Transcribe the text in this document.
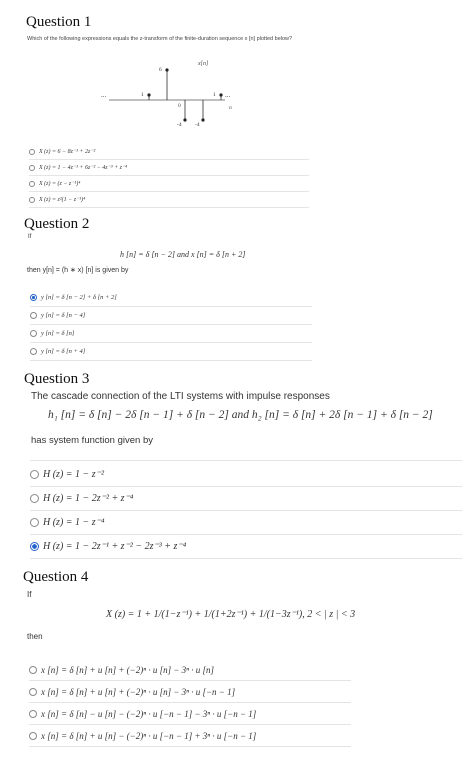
Question 1
Which of the following expressions equals the z-transform of the finite-duration sequence x [n] plotted below?
x[n]
1
6
-4 -4
1
...	...
0	n
X (z) = 6 − 8z⁻¹ + 2z⁻²
X (z) = 1 − 4z⁻¹ + 6z⁻² − 4z⁻³ + z⁻⁴
X (z) = (z − z⁻¹)⁴
X (z) = z²(1 − z⁻¹)⁴
Question 2
If
h [n] = δ [n − 2] and x [n] = δ [n + 2]
then y[n] = (h ∗ x) [n] is given by
y [n] = δ [n − 2] + δ [n + 2]
y [n] = δ [n − 4]
y [n] = δ [n]
y [n] = δ [n + 4]
Question 3
The cascade connection of the LTI systems with impulse responses
h₁ [n] = δ [n] − 2δ [n − 1] + δ [n − 2] and h₂ [n] = δ [n] + 2δ [n − 1] + δ [n − 2]
has system function given by
H (z) = 1 − z⁻²
H (z) = 1 − 2z⁻² + z⁻⁴
H (z) = 1 − z⁻⁴
H (z) = 1 − 2z⁻¹ + z⁻² − 2z⁻³ + z⁻⁴
Question 4
If
X (z) = 1 + 1/(1−z⁻¹) + 1/(1+2z⁻¹) + 1/(1−3z⁻¹), 2 < | z | < 3
then
x [n] = δ [n] + u [n] + (−2)ⁿ · u [n] − 3ⁿ · u [n]
x [n] = δ [n] + u [n] + (−2)ⁿ · u [n] − 3ⁿ · u [−n − 1]
x [n] = δ [n] − u [n] − (−2)ⁿ · u [−n − 1] − 3ⁿ · u [−n − 1]
x [n] = δ [n] + u [n] − (−2)ⁿ · u [−n − 1] + 3ⁿ · u [−n − 1]
